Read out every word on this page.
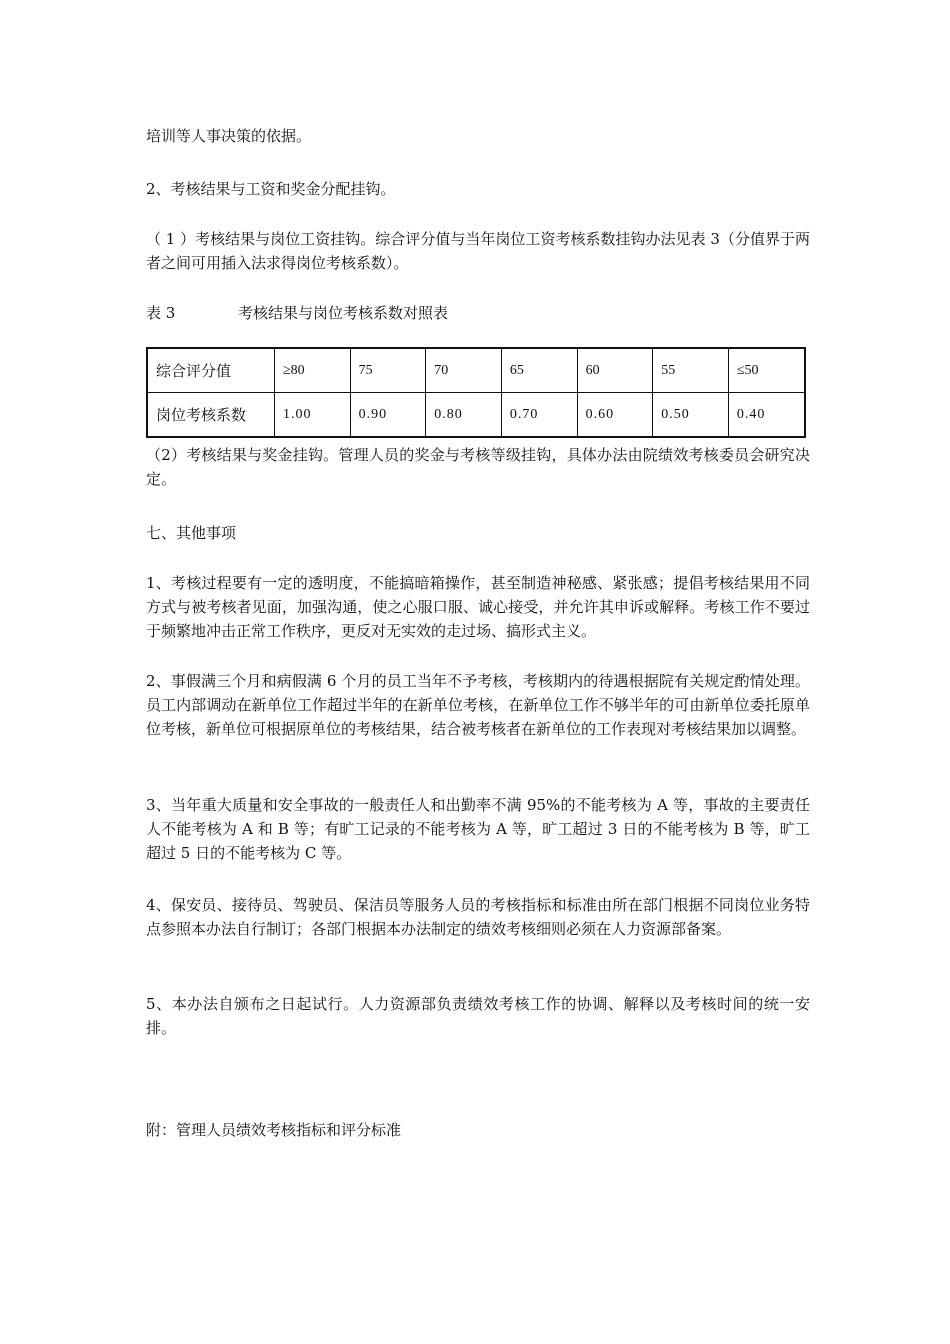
培训等人事决策的依据。

2、考核结果与工资和奖金分配挂钩。

（ 1 ）考核结果与岗位工资挂钩。综合评分值与当年岗位工资考核系数挂钩办法见表 3（分值界于两者之间可用插入法求得岗位考核系数）。

表 3	考核结果与岗位考核系数对照表
综合评分值	≥80	75	70	65	60	55	≤50
岗位考核系数	1.00	0.90	0.80	0.70	0.60	0.50	0.40

（2）考核结果与奖金挂钩。管理人员的奖金与考核等级挂钩，具体办法由院绩效考核委员会研究决定。

七、其他事项

1、考核过程要有一定的透明度，不能搞暗箱操作，甚至制造神秘感、紧张感；提倡考核结果用不同方式与被考核者见面，加强沟通，使之心服口服、诚心接受，并允许其申诉或解释。考核工作不要过于频繁地冲击正常工作秩序，更反对无实效的走过场、搞形式主义。

2、事假满三个月和病假满 6 个月的员工当年不予考核，考核期内的待遇根据院有关规定酌情处理。员工内部调动在新单位工作超过半年的在新单位考核，在新单位工作不够半年的可由新单位委托原单位考核，新单位可根据原单位的考核结果，结合被考核者在新单位的工作表现对考核结果加以调整。

3、当年重大质量和安全事故的一般责任人和出勤率不满 95%的不能考核为 A 等，事故的主要责任人不能考核为 A 和 B 等；有旷工记录的不能考核为 A 等，旷工超过 3 日的不能考核为 B 等，旷工超过 5 日的不能考核为 C 等。

4、保安员、接待员、驾驶员、保洁员等服务人员的考核指标和标准由所在部门根据不同岗位业务特点参照本办法自行制订；各部门根据本办法制定的绩效考核细则必须在人力资源部备案。

5、本办法自颁布之日起试行。人力资源部负责绩效考核工作的协调、解释以及考核时间的统一安排。

附：管理人员绩效考核指标和评分标准
